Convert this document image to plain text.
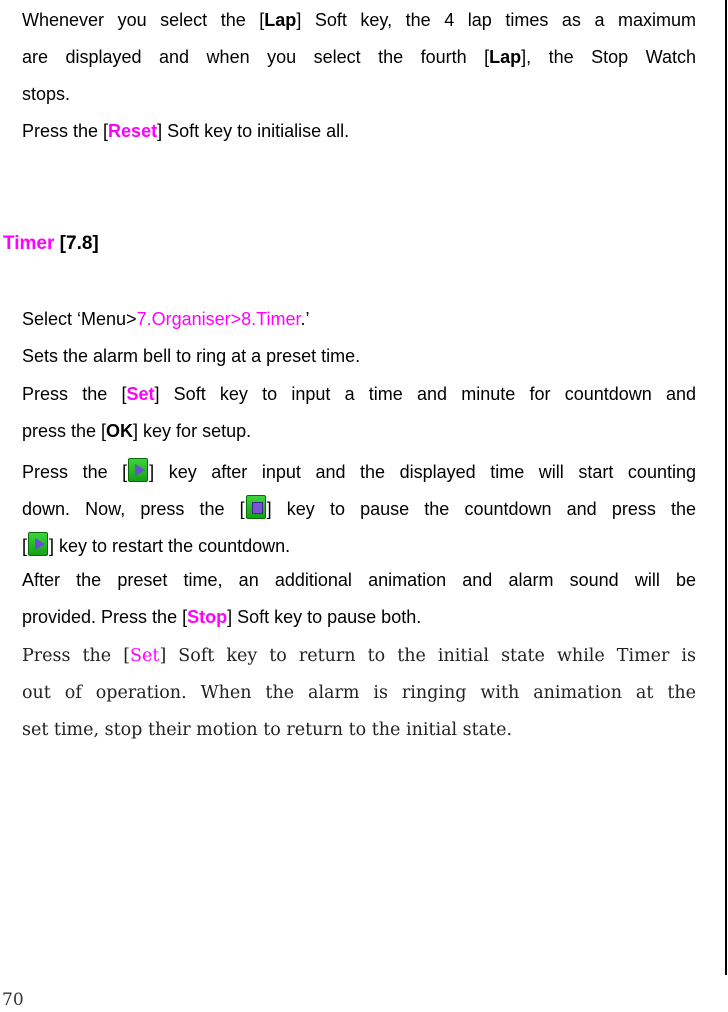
Whenever you select the [Lap] Soft key, the 4 lap times as a maximum
are displayed and when you select the fourth [Lap], the Stop Watch
stops.
Press the [Reset] Soft key to initialise all.
Timer [7.8]
Select ‘Menu>7.Organiser>8.Timer.’
Sets the alarm bell to ring at a preset time.
Press the [Set] Soft key to input a time and minute for countdown and
press the [OK] key for setup.
Press the [ ] key after input and the displayed time will start counting
down. Now, press the [ ] key to pause the countdown and press the
[ ] key to restart the countdown.
After the preset time, an additional animation and alarm sound will be
provided. Press the [Stop] Soft key to pause both.
Press the [Set] Soft key to return to the initial state while Timer is
out of operation. When the alarm is ringing with animation at the
set time, stop their motion to return to the initial state.
70
